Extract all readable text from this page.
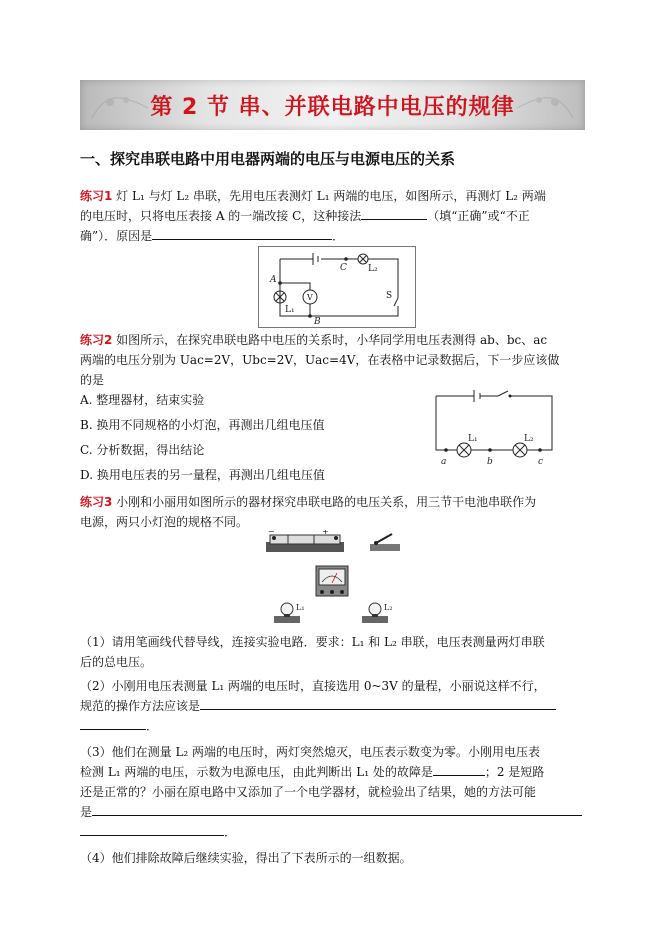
第 2 节 串、并联电路中电压的规律
一、探究串联电路中用电器两端的电压与电源电压的关系
练习1 灯 L₁ 与灯 L₂ 串联，先用电压表测灯 L₁ 两端的电压，如图所示，再测灯 L₂ 两端
的电压时，只将电压表接 A 的一端改接 C，这种接法	（填“正确”或“不正
确”）．原因是	．
A
C L₂
S
L₁
B
V
练习2 如图所示，在探究串联电路中电压的关系时，小华同学用电压表测得 ab、bc、ac
两端的电压分别为 Uac=2V，Ubc=2V，Uac=4V，在表格中记录数据后，下一步应该做
的是
A. 整理器材，结束实验
B. 换用不同规格的小灯泡，再测出几组电压值
C. 分析数据，得出结论
D. 换用电压表的另一量程，再测出几组电压值
L₁	L₂
a	b	c
练习3 小刚和小丽用如图所示的器材探究串联电路的电压关系，用三节干电池串联作为
电源，两只小灯泡的规格不同。
+
−
L₁	L₂
（1）请用笔画线代替导线，连接实验电路．要求：L₁ 和 L₂ 串联，电压表测量两灯串联
后的总电压。
（2）小刚用电压表测量 L₁ 两端的电压时，直接选用 0~3V 的量程，小丽说这样不行，
规范的操作方法应该是
．
（3）他们在测量 L₂ 两端的电压时，两灯突然熄灭，电压表示数变为零。小刚用电压表
检测 L₁ 两端的电压，示数为电源电压，由此判断出 L₁ 处的故障是	；2 是短路
还是正常的？小丽在原电路中又添加了一个电学器材，就检验出了结果，她的方法可能
是
．
（4）他们排除故障后继续实验，得出了下表所示的一组数据。
